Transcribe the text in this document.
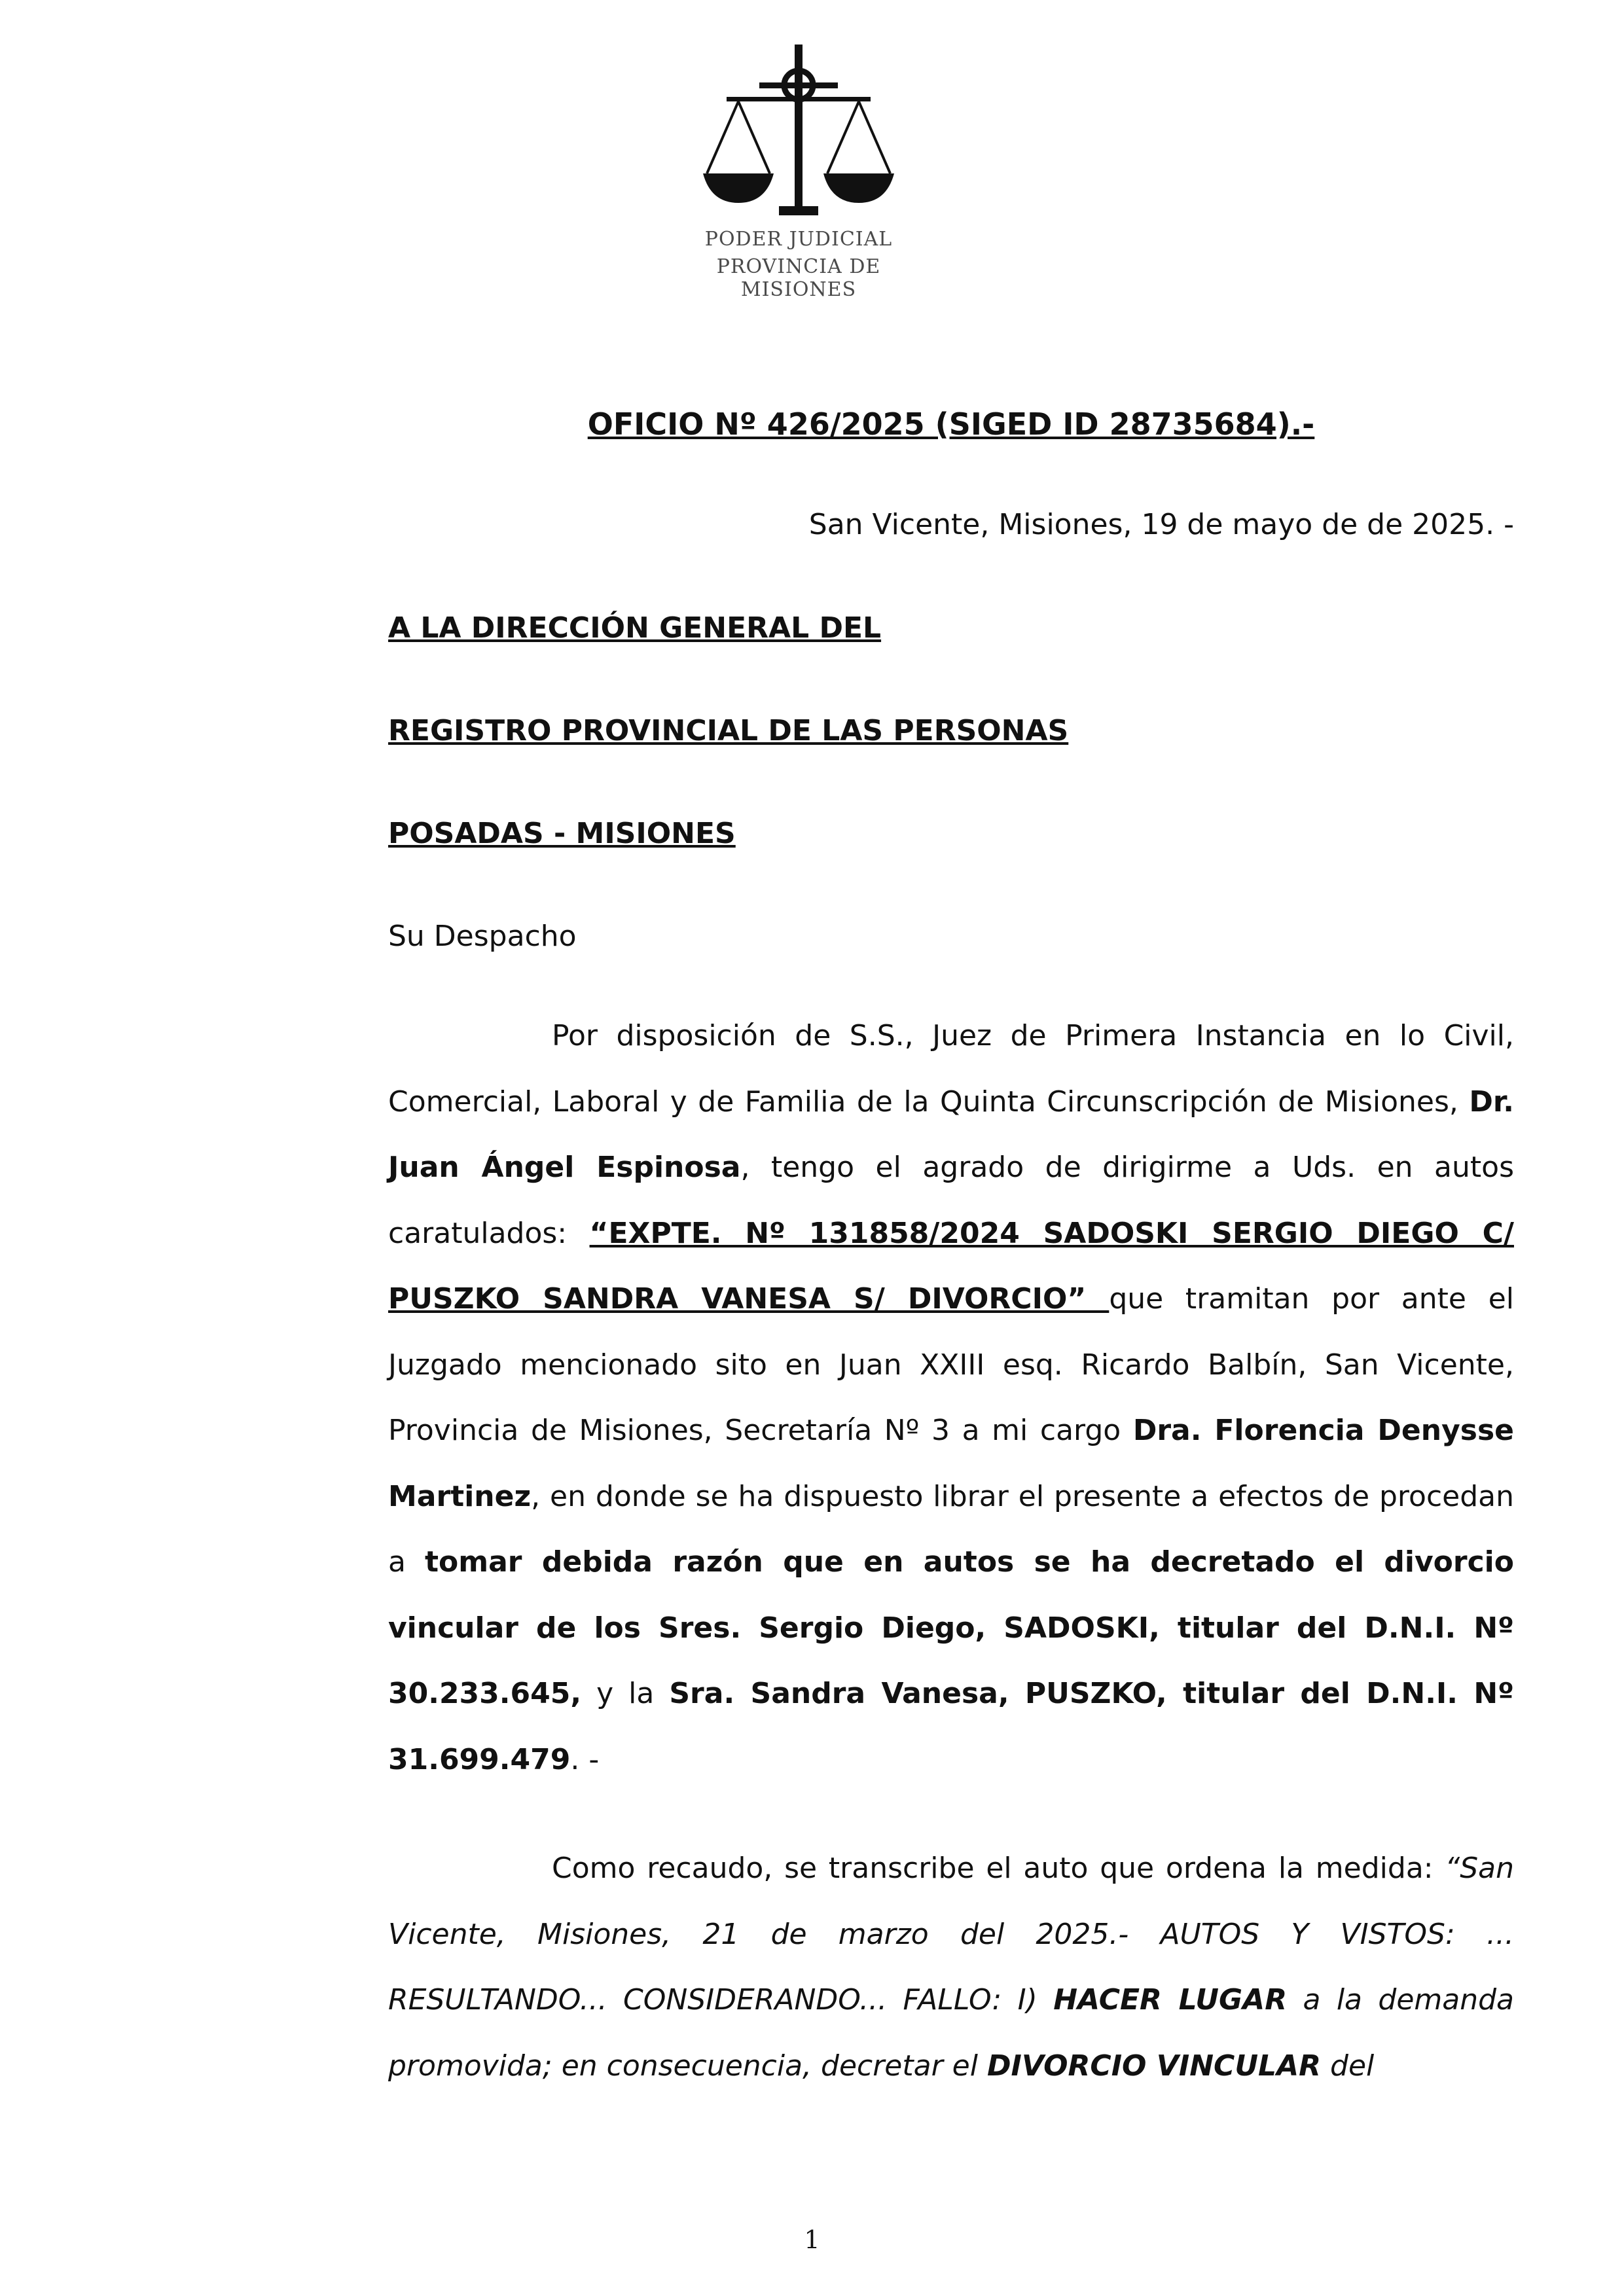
PODER JUDICIAL
PROVINCIA DE MISIONES
OFICIO Nº 426/2025 (SIGED ID 28735684).-
San Vicente, Misiones, 19 de mayo de de 2025. -
A LA DIRECCIÓN GENERAL DEL
REGISTRO PROVINCIAL DE LAS PERSONAS
POSADAS - MISIONES
Su Despacho

Por disposición de S.S., Juez de Primera Instancia en lo Civil, Comercial, Laboral y de Familia de la Quinta Circunscripción de Misiones, Dr. Juan Ángel Espinosa, tengo el agrado de dirigirme a Uds. en autos caratulados: “EXPTE. Nº 131858/2024 SADOSKI SERGIO DIEGO C/ PUSZKO SANDRA VANESA S/ DIVORCIO” que tramitan por ante el Juzgado mencionado sito en Juan XXIII esq. Ricardo Balbín, San Vicente, Provincia de Misiones, Secretaría Nº 3 a mi cargo Dra. Florencia Denysse Martinez, en donde se ha dispuesto librar el presente a efectos de procedan a tomar debida razón que en autos se ha decretado el divorcio vincular de los Sres. Sergio Diego, SADOSKI, titular del D.N.I. Nº 30.233.645, y la Sra. Sandra Vanesa, PUSZKO, titular del D.N.I. Nº 31.699.479. -

Como recaudo, se transcribe el auto que ordena la medida: “San Vicente, Misiones, 21 de marzo del 2025.- AUTOS Y VISTOS: ... RESULTANDO... CONSIDERANDO... FALLO: I) HACER LUGAR a la demanda promovida; en consecuencia, decretar el DIVORCIO VINCULAR del

1
